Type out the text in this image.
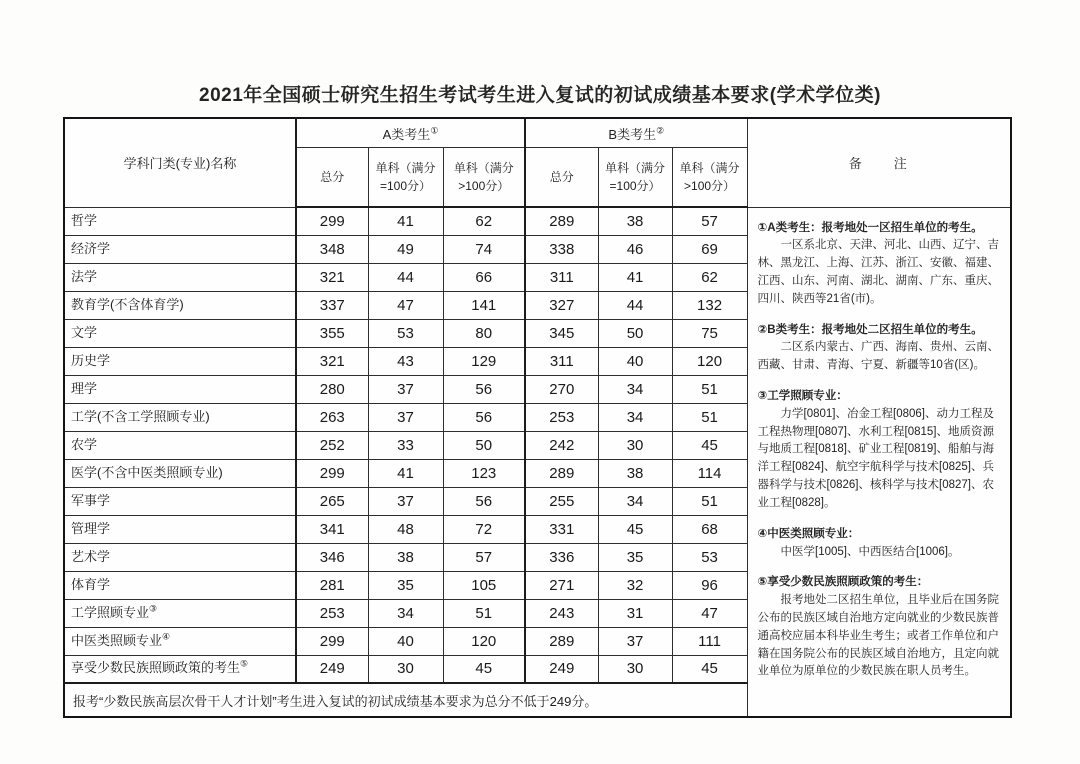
2021年全国硕士研究生招生考试考生进入复试的初试成绩基本要求(学术学位类)
学科门类(专业)名称	A类考生①			B类考生②			备　　注
	总分	单科（满分=100分）	单科（满分>100分）	总分	单科（满分=100分）	单科（满分>100分）	
哲学	299	41	62	289	38	57	①A类考生：报考地处一区招生单位的考生。

一区系北京、天津、河北、山西、辽宁、吉林、黑龙江、上海、江苏、浙江、安徽、福建、江西、山东、河南、湖北、湖南、广东、重庆、四川、陕西等21省(市)。

②B类考生：报考地处二区招生单位的考生。

二区系内蒙古、广西、海南、贵州、云南、西藏、甘肃、青海、宁夏、新疆等10省(区)。

③工学照顾专业：

力学[0801]、冶金工程[0806]、动力工程及工程热物理[0807]、水利工程[0815]、地质资源与地质工程[0818]、矿业工程[0819]、船舶与海洋工程[0824]、航空宇航科学与技术[0825]、兵器科学与技术[0826]、核科学与技术[0827]、农业工程[0828]。

④中医类照顾专业：

中医学[1005]、中西医结合[1006]。

⑤享受少数民族照顾政策的考生：

报考地处二区招生单位，且毕业后在国务院公布的民族区域自治地方定向就业的少数民族普通高校应届本科毕业生考生；或者工作单位和户籍在国务院公布的民族区域自治地方，且定向就业单位为原单位的少数民族在职人员考生。

经济学	348	49	74	338	46	69	
法学	321	44	66	311	41	62	
教育学(不含体育学)	337	47	141	327	44	132	
文学	355	53	80	345	50	75	
历史学	321	43	129	311	40	120	
理学	280	37	56	270	34	51	
工学(不含工学照顾专业)	263	37	56	253	34	51	
农学	252	33	50	242	30	45	
医学(不含中医类照顾专业)	299	41	123	289	38	114	
军事学	265	37	56	255	34	51	
管理学	341	48	72	331	45	68	
艺术学	346	38	57	336	35	53	
体育学	281	35	105	271	32	96	
工学照顾专业③	253	34	51	243	31	47	
中医类照顾专业④	299	40	120	289	37	111	
享受少数民族照顾政策的考生⑤	249	30	45	249	30	45	
报考“少数民族高层次骨干人才计划”考生进入复试的初试成绩基本要求为总分不低于249分。							
